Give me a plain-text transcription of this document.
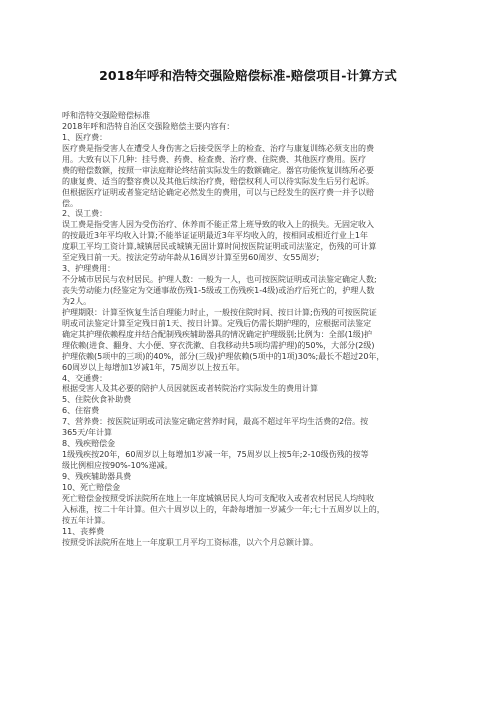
2018年呼和浩特交强险赔偿标准-赔偿项目-计算方式
呼和浩特交强险赔偿标准
2018年呼和浩特自治区交强险赔偿主要内容有：
1、医疗费：
医疗费是指受害人在遭受人身伤害之后接受医学上的检查、治疗与康复训练必须支出的费
用。大致有以下几种：挂号费、药费、检查费、治疗费、住院费、其他医疗费用。医疗
费的赔偿数额，按照一审法庭辩论终结前实际发生的数额确定。器官功能恢复训练所必要
的康复费、适当的整容费以及其他后续治疗费，赔偿权利人可以待实际发生后另行起诉。
但根据医疗证明或者鉴定结论确定必然发生的费用，可以与已经发生的医疗费一并予以赔
偿。
2、误工费：
误工费是指受害人因为受伤治疗、休养而不能正常上班导致的收入上的损失。无固定收入
的按最近3年平均收入计算;不能举证证明最近3年平均收入的，按相同或相近行业上1年
度职工平均工资计算,城镇居民或城镇无固计算时间按医院证明或司法鉴定，伤残的可计算
至定残日前一天。按法定劳动年龄从16周岁计算至男60周岁、女55周岁;
3、护理费用：
不分城市居民与农村居民。护理人数：一般为一人，也可按医院证明或司法鉴定确定人数;
丧失劳动能力(经鉴定为交通事故伤残1-5级或工伤残疾1-4级)或治疗后死亡的，护理人数
为2人。
护理期限：计算至恢复生活自理能力时止，一般按住院时间、按日计算;伤残的可按医院证
明或司法鉴定计算至定残日前1天、按日计算。定残后仍需长期护理的，应根据司法鉴定
确定其护理依赖程度并结合配制残疾辅助器具的情况确定护理级别;比例为：全部(1级)护
理依赖(进食、翻身、大小便、穿衣洗漱、自我移动共5项均需护理)的50%，大部分(2级)
护理依赖(5项中的三项)的40%，部分(三级)护理依赖(5项中的1项)30%;最长不超过20年，
60周岁以上每增加1岁减1年，75周岁以上按五年。
4、交通费：
根据受害人及其必要的陪护人员因就医或者转院治疗实际发生的费用计算
5、住院伙食补助费
6、住宿费
7、营养费：按医院证明或司法鉴定确定营养时间，最高不超过年平均生活费的2倍。按
365天/年计算
8、残疾赔偿金
1级残疾按20年，60周岁以上每增加1岁减一年，75周岁以上按5年;2-10级伤残的按等
级比例相应按90%-10%递减。
9、残疾辅助器具费
10、死亡赔偿金
死亡赔偿金按照受诉法院所在地上一年度城镇居民人均可支配收入或者农村居民人均纯收
入标准，按二十年计算。但六十周岁以上的，年龄每增加一岁减少一年;七十五周岁以上的，
按五年计算。
11、丧葬费
按照受诉法院所在地上一年度职工月平均工资标准，以六个月总额计算。
